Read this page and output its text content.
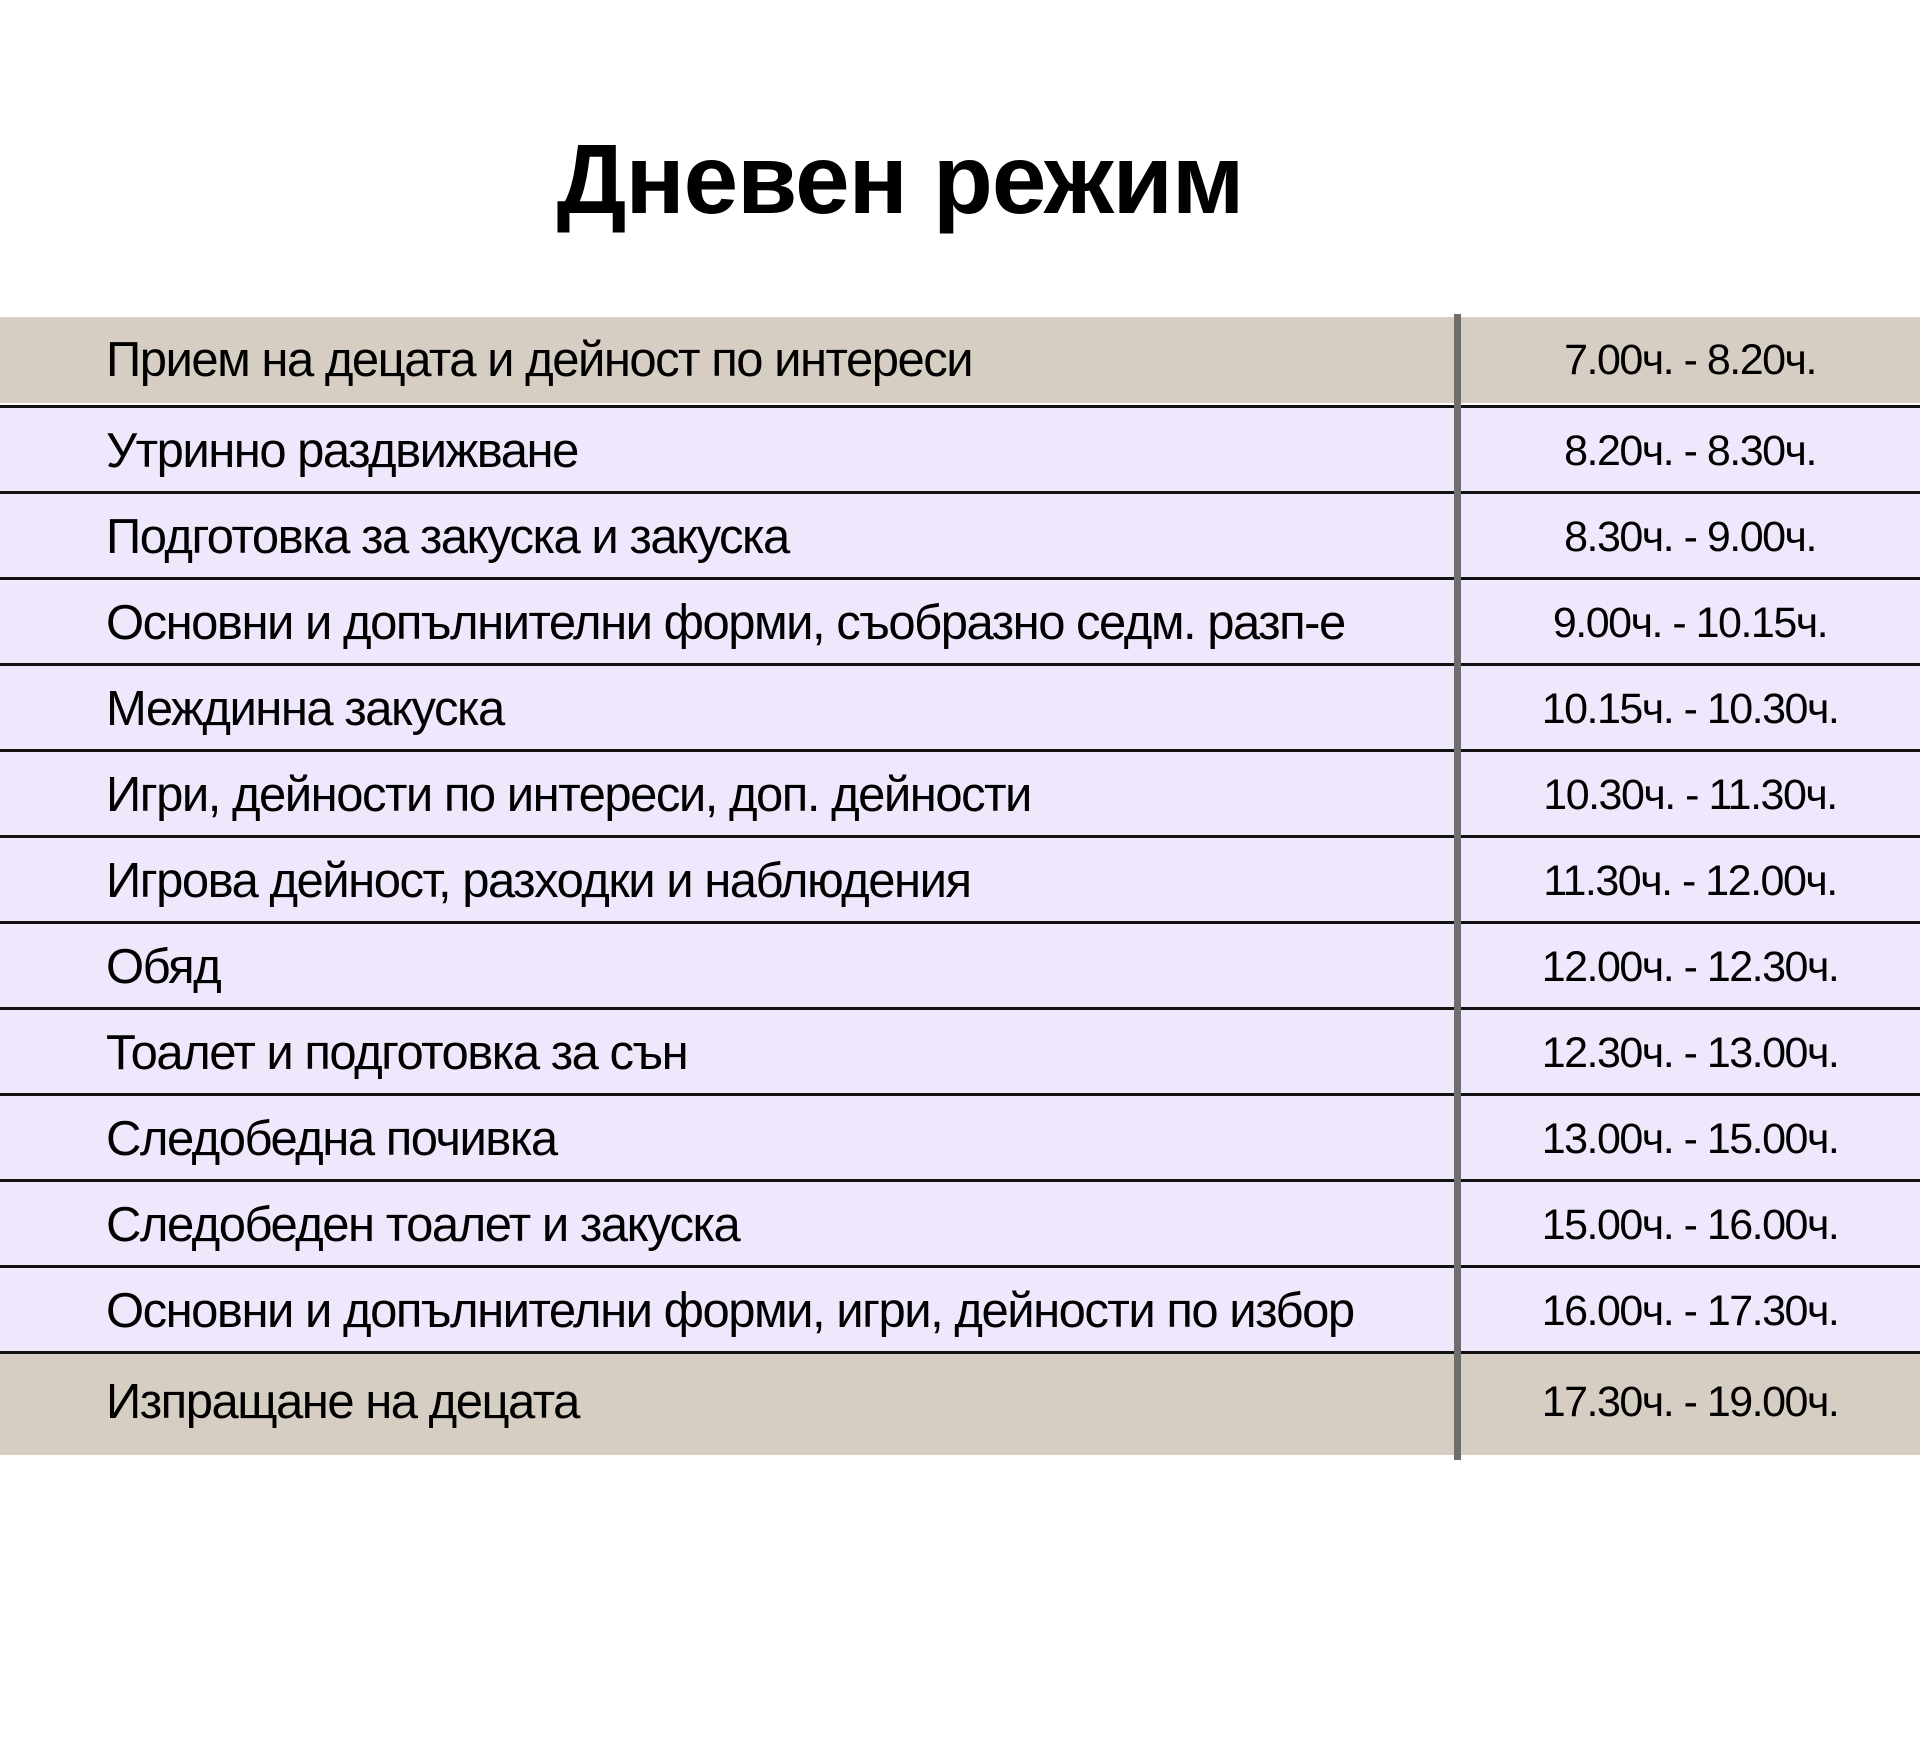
Дневен режим
Прием на децата и дейност по интереси	7.00ч. - 8.20ч.
Утринно раздвижване	8.20ч. - 8.30ч.
Подготовка за закуска и закуска	8.30ч. - 9.00ч.
Основни и допълнителни форми, съобразно седм. разп-е	9.00ч. - 10.15ч.
Междинна закуска	10.15ч. - 10.30ч.
Игри, дейности по интереси, доп. дейности	10.30ч. - 11.30ч.
Игрова дейност, разходки и наблюдения	11.30ч. - 12.00ч.
Обяд	12.00ч. - 12.30ч.
Тоалет и подготовка за сън	12.30ч. - 13.00ч.
Следобедна почивка	13.00ч. - 15.00ч.
Следобеден тоалет и закуска	15.00ч. - 16.00ч.
Основни и допълнителни форми, игри, дейности по избор	16.00ч. - 17.30ч.
Изпращане на децата	17.30ч. - 19.00ч.
